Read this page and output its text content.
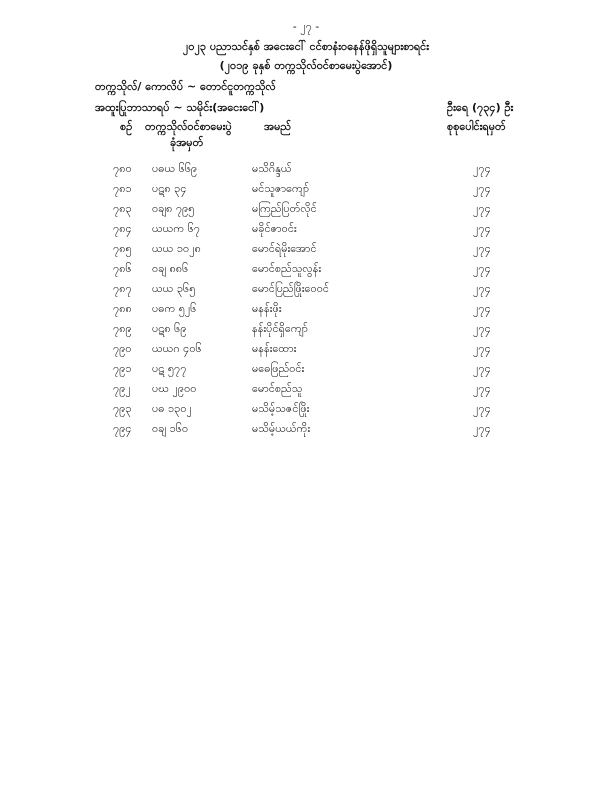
- ၂၇ -
၂၀၂၃ ပညာသင်နှစ် အငေးငေါ် ငင်စာနံးဝနေန်ဖိုရှိသူများစာရင်း
(၂၀၁၉ ခုနှစ် တက္ကသိုလ်ဝင်စာမေးပွဲအောင်)
တက္ကသိုလ်/ ကောလိပ် ~ တောင်ငူတက္ကသိုလ်
အထူးပြုဘာသာရပ် ~ သမိုင်း(အငေးငေါ်)	ဦးရေ (၇၃၄) ဦး
စဉ် တက္ကသိုလ်ဝင်စာမေးပွဲ
ခုံအမှတ်
အမည်	စုစုပေါင်းရမှတ်
၇၈၀ ပဓယ ၆၆၉	မသိဂိန္ဒယ်	၂၇၄
၇၈၁ ပဋ၈ ၃၄	မင်သူဇာကျော်	၂၇၄
၇၈၃ ဝချ၈ ၇၉၅	မကြည်ပြတ်လိုင်	၂၇၄
၇၈၄ ယယက ၆၇	မခိုင်ဇာဝင်း	၂၇၄
၇၈၅ ယယ ၁၀၂၈	မောင်ရဲမိုးအောင်	၂၇၄
၇၈၆ ဝချ ၈၈၆	မောင်စည်သူလွန်း	၂၇၄
၇၈၇ ယယ ၃၆၅	မောင်ပြည်ဖြိုးဝေဝင်	၂၇၄
၇၈၈ ပဓက ၅၂၆	မနန်းဖိုး	၂၇၄
၇၈၉ ပဋ၈ ၆၉	နန်းပိုင်ရှိကျော်	၂၇၄
၇၉၀ ယယဂ ၄၀၆	မနန်းထေား	၂၇၄
၇၉၁ ပဋ ၅၇၇	မဓေဖြည်ဝင်း	၂၇၄
၇၉၂ ပဃ ၂၉၀၀	မောင်စည်သူ	၂၇၄
၇၉၃ ပဓ ၁၃၀၂	မသိမ့်သဇင်ဖြိုး	၂၇၄
၇၉၄ ဝချ ၁၆၀	မသိမ့်ယယ်ကိုး	၂၇၄
